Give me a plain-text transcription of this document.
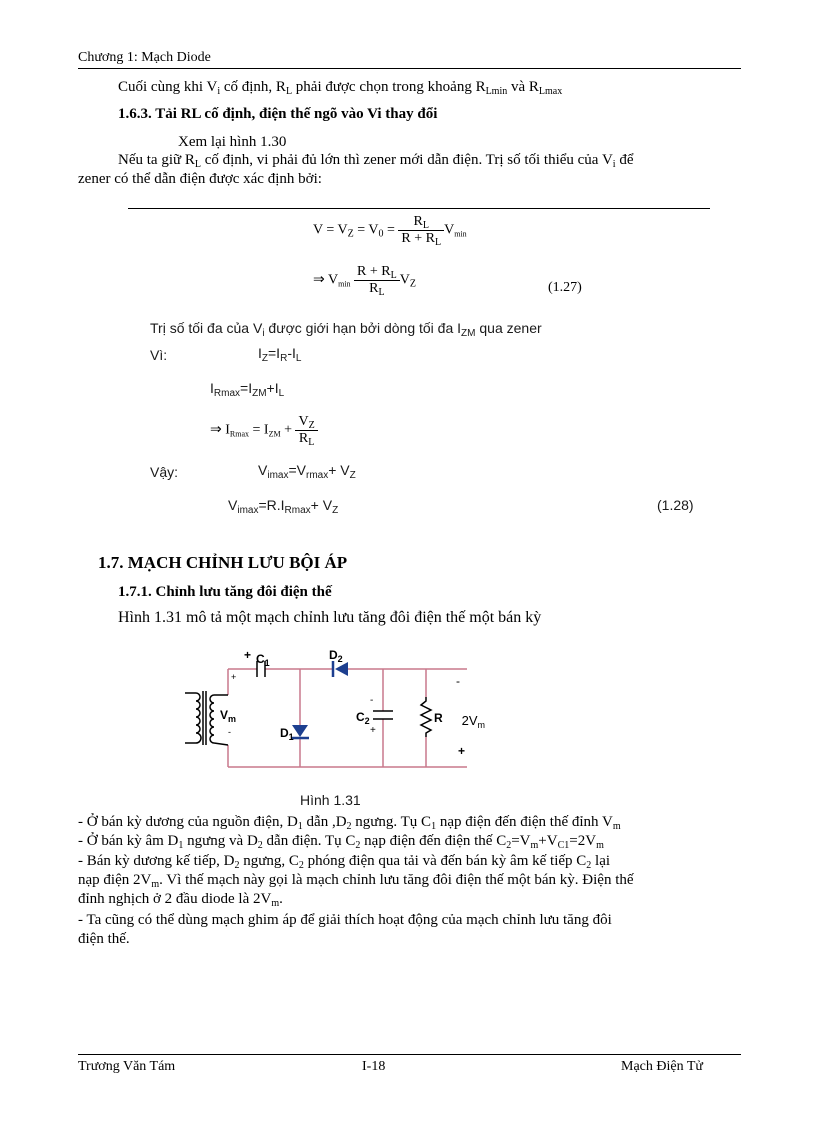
Chương 1: Mạch Diode
Cuối cùng khi $V_i$ cố định, $R_L$ phải được chọn trong khoảng $R_{Lmin}$ và $R_{Lmax}$
1.6.3. Tải RL cố định, điện thế ngõ vào Vi thay đổi
Xem lại hình 1.30
Nếu ta giữ $R_L$ cố định, vi phải đủ lớn thì zener mới dẫn điện. Trị số tối thiểu của $V_i$ để
zener có thể dẫn điện được xác định bởi:
$V = V_Z = V_0 = \frac{R_L}{R + R_L} V_{min}$
⇒ $V_{min} \frac{R + R_L}{R_L} V_Z$	(1.27)
Trị số tối đa của $V_i$ được giới hạn bởi dòng tối đa $I_{ZM}$ qua zener
Vì:	$I_Z=I_R-I_L$
$I_{Rmax}=I_{ZM}+I_L$
⇒ $I_{Rmax} = I_{ZM} + \frac{V_Z}{R_L}$
Vậy:	$V_{imax}=V_{rmax}+ V_Z$
$V_{imax}=R.I_{Rmax}+ V_Z$	(1.28)
1.7. MẠCH CHỈNH LƯU BỘI ÁP
1.7.1. Chỉnh lưu tăng đôi điện thế
Hình 1.31 mô tả một mạch chỉnh lưu tăng đôi điện thế một bán kỳ
+ $C_1$
$D_2$
+
$V_m$
-	$D_1$
-
$C_2$
+
R
-
$2V_m$
+
Hình 1.31
- Ở bán kỳ dương của nguồn điện, $D_1$ dẫn $,D_2$ ngưng. Tụ $C_1$ nạp điện đến điện thế đỉnh $V_m$
- Ở bán kỳ âm $D_1$ ngưng và $D_2$ dẫn điện. Tụ $C_2$ nạp điện đến điện thế $C_2=V_m+V_{C1}=2V_m$
- Bán kỳ dương kế tiếp, $D_2$ ngưng, $C_2$ phóng điện qua tải và đến bán kỳ âm kế tiếp $C_2$ lại
nạp điện $2V_m$. Vì thế mạch này gọi là mạch chỉnh lưu tăng đôi điện thế một bán kỳ. Điện thế
đỉnh nghịch ở 2 đầu diode là $2V_m$.
- Ta cũng có thể dùng mạch ghim áp để giải thích hoạt động của mạch chỉnh lưu tăng đôi
điện thế.
Trương Văn Tám	I-18	Mạch Điện Tử
